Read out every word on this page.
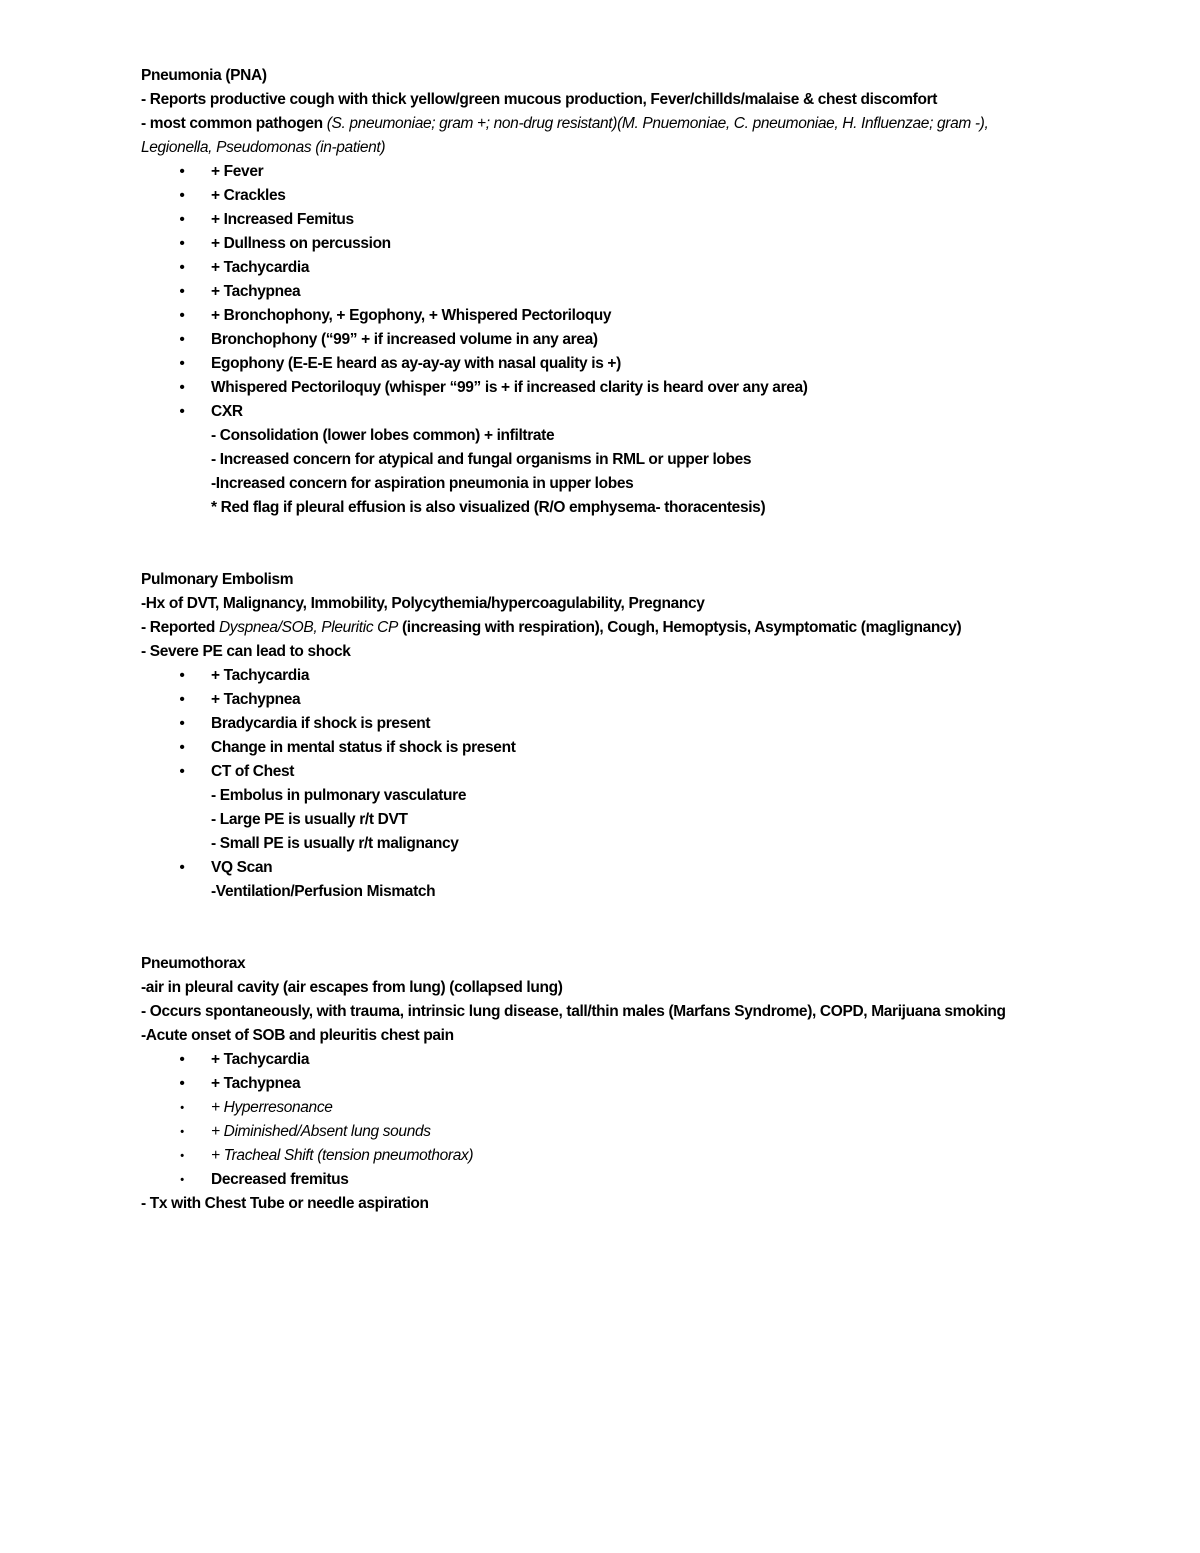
Pneumonia (PNA)
- Reports productive cough with thick yellow/green mucous production, Fever/chillds/malaise & chest discomfort
- most common pathogen (S. pneumoniae; gram +; non-drug resistant)(M. Pnuemoniae, C. pneumoniae, H. Influenzae; gram -), Legionella, Pseudomonas (in-patient)
• + Fever
• + Crackles
• + Increased Femitus
• + Dullness on percussion
• + Tachycardia
• + Tachypnea
• + Bronchophony, + Egophony, + Whispered Pectoriloquy
• Bronchophony (“99” + if increased volume in any area)
• Egophony (E-E-E heard as ay-ay-ay with nasal quality is +)
• Whispered Pectoriloquy (whisper “99” is + if increased clarity is heard over any area)
• CXR
- Consolidation (lower lobes common) + infiltrate
- Increased concern for atypical and fungal organisms in RML or upper lobes
-Increased concern for aspiration pneumonia in upper lobes
* Red flag if pleural effusion is also visualized (R/O emphysema- thoracentesis)
Pulmonary Embolism
-Hx of DVT, Malignancy, Immobility, Polycythemia/hypercoagulability, Pregnancy
- Reported Dyspnea/SOB, Pleuritic CP (increasing with respiration), Cough, Hemoptysis, Asymptomatic (maglignancy)
- Severe PE can lead to shock
• + Tachycardia
• + Tachypnea
• Bradycardia if shock is present
• Change in mental status if shock is present
• CT of Chest
- Embolus in pulmonary vasculature
- Large PE is usually r/t DVT
- Small PE is usually r/t malignancy
• VQ Scan
-Ventilation/Perfusion Mismatch
Pneumothorax
-air in pleural cavity (air escapes from lung) (collapsed lung)
- Occurs spontaneously, with trauma, intrinsic lung disease, tall/thin males (Marfans Syndrome), COPD, Marijuana smoking
-Acute onset of SOB and pleuritis chest pain
• + Tachycardia
• + Tachypnea
• + Hyperresonance
• + Diminished/Absent lung sounds
• + Tracheal Shift (tension pneumothorax)
• Decreased fremitus
- Tx with Chest Tube or needle aspiration
